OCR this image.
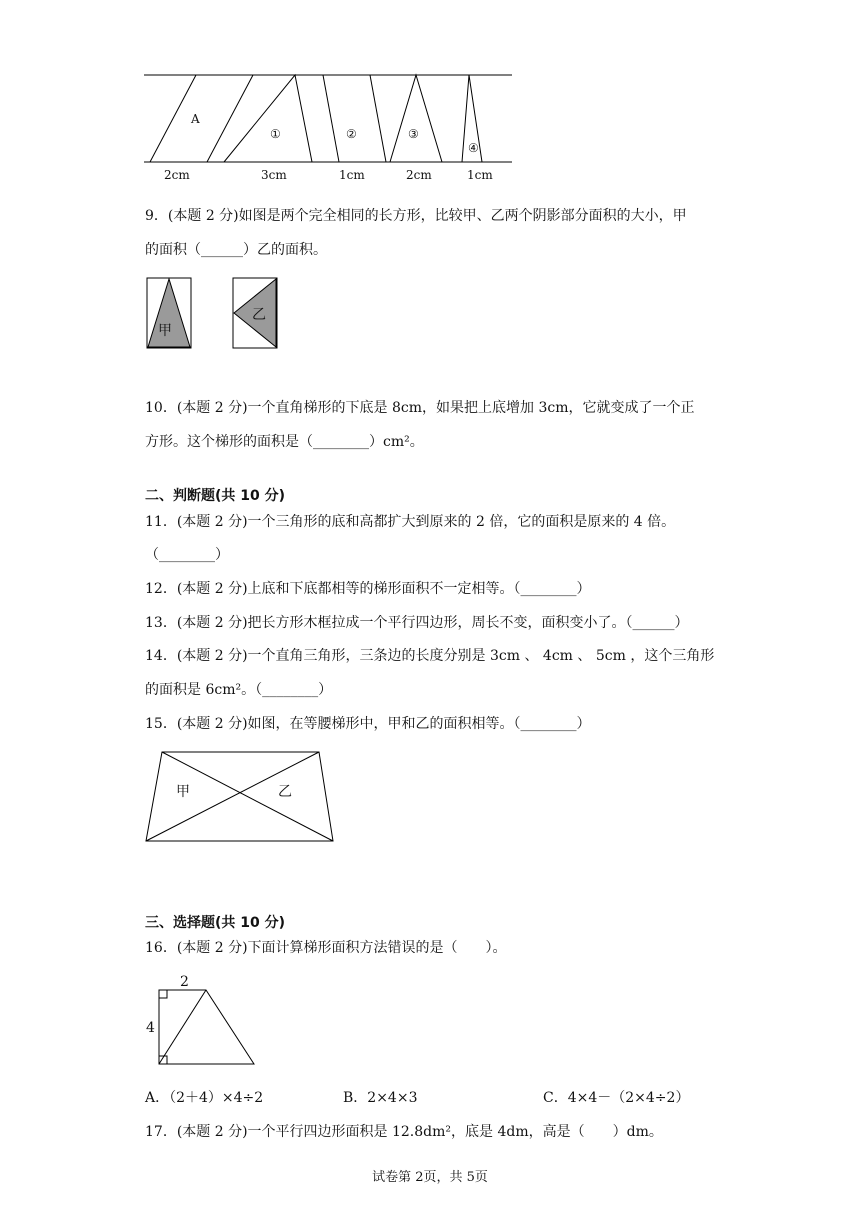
A
①	②	③
④
2cm	3cm	1cm	2cm	1cm
9．(本题 2 分)如图是两个完全相同的长方形，比较甲、乙两个阴影部分面积的大小，甲
的面积（______）乙的面积。
甲
乙
10．(本题 2 分)一个直角梯形的下底是 8cm，如果把上底增加 3cm，它就变成了一个正
方形。这个梯形的面积是（________）cm²。
二、判断题(共 10 分)
11．(本题 2 分)一个三角形的底和高都扩大到原来的 2 倍，它的面积是原来的 4 倍。
（________）
12．(本题 2 分)上底和下底都相等的梯形面积不一定相等。（________）
13．(本题 2 分)把长方形木框拉成一个平行四边形，周长不变，面积变小了。（______）
14．(本题 2 分)一个直角三角形，三条边的长度分别是 3cm 、 4cm 、 5cm ，这个三角形
的面积是 6cm²。（________）
15．(本题 2 分)如图，在等腰梯形中，甲和乙的面积相等。（________）
甲	乙
三、选择题(共 10 分)
16．(本题 2 分)下面计算梯形面积方法错误的是（　　）。
2
4
A．（2＋4）×4÷2	B．2×4×3	C．4×4－（2×4÷2）
17．(本题 2 分)一个平行四边形面积是 12.8dm²，底是 4dm，高是（　　）dm。
试卷第 2页，共 5页
